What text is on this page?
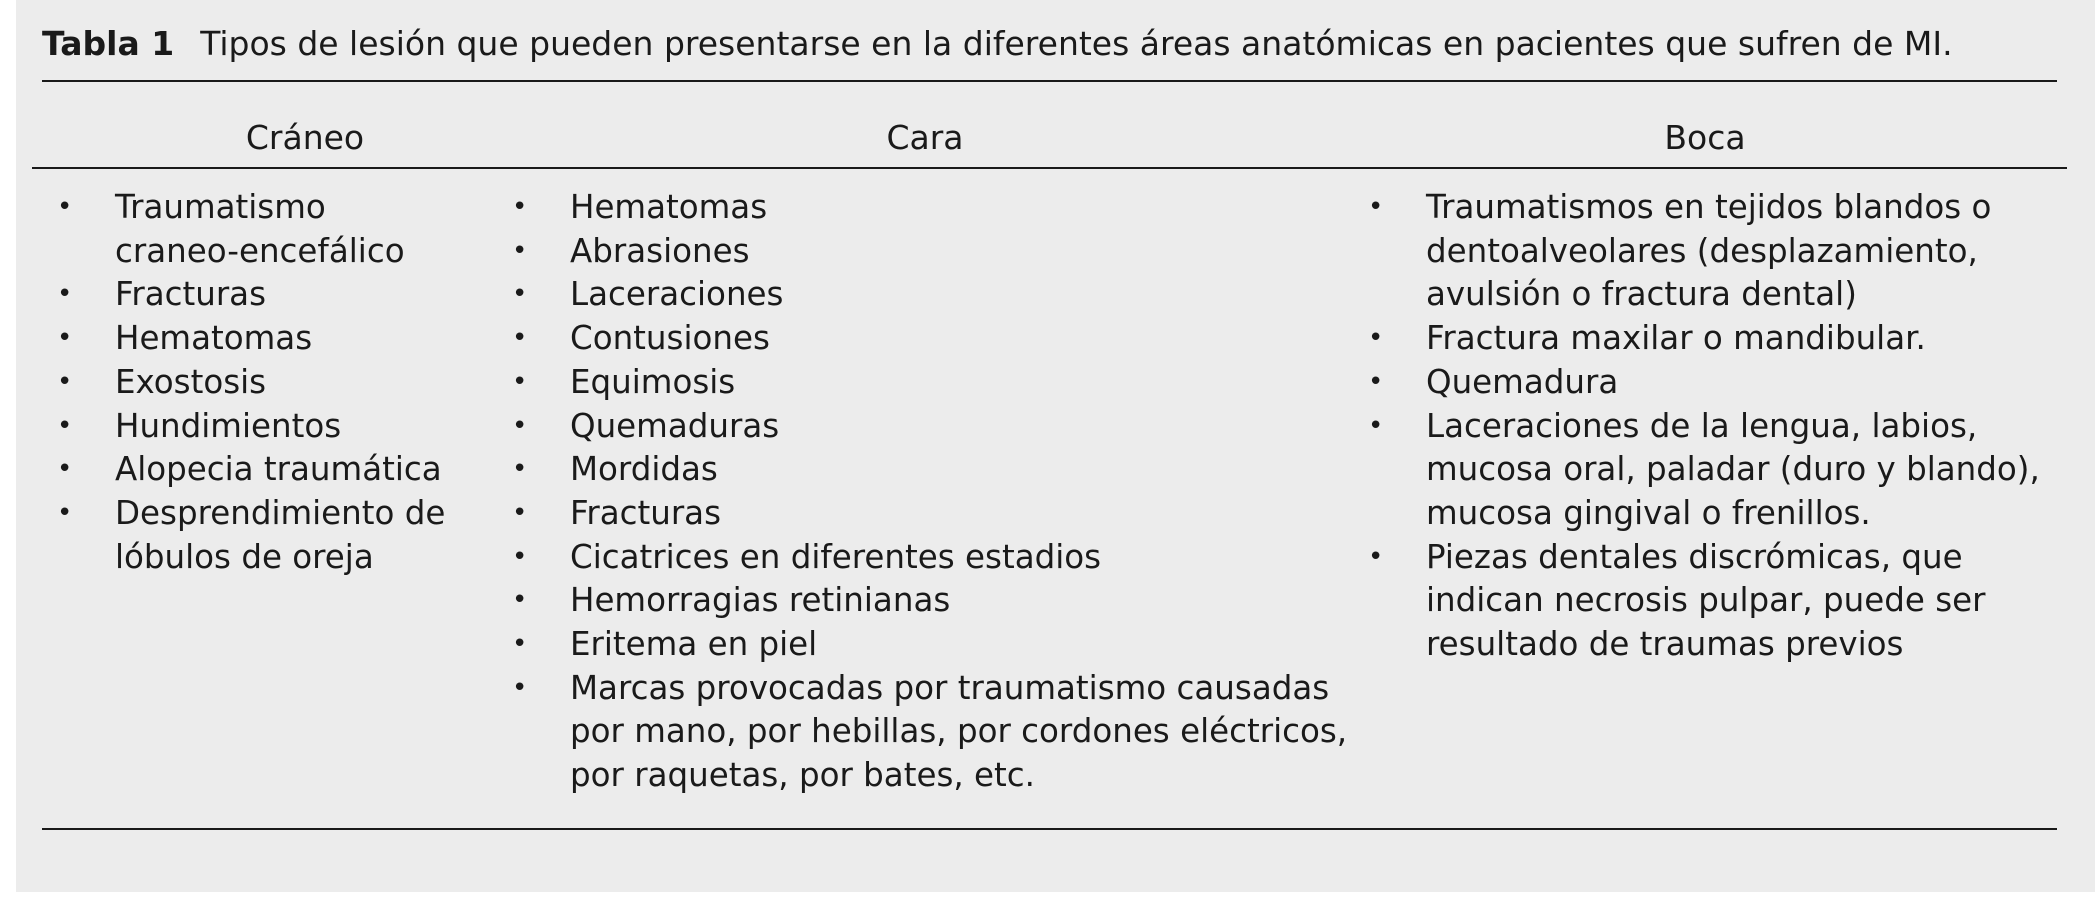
Tabla 1 Tipos de lesión que pueden presentarse en la diferentes áreas anatómicas en pacientes que sufren de MI.
Cráneo	Cara	Boca
• Traumatismo craneo-encefálico
• Fracturas
• Hematomas
• Exostosis
• Hundimientos
• Alopecia traumática
• Desprendimiento de lóbulos de oreja
• Hematomas
• Abrasiones
• Laceraciones
• Contusiones
• Equimosis
• Quemaduras
• Mordidas
• Fracturas
• Cicatrices en diferentes estadios
• Hemorragias retinianas
• Eritema en piel
• Marcas provocadas por traumatismo causadas por mano, por hebillas, por cordones eléctricos, por raquetas, por bates, etc.
• Traumatismos en tejidos blandos o dentoalveolares (desplazamiento, avulsión o fractura dental)
• Fractura maxilar o mandibular.
• Quemadura
• Laceraciones de la lengua, labios, mucosa oral, paladar (duro y blando), mucosa gingival o frenillos.
• Piezas dentales discrómicas, que indican necrosis pulpar, puede ser resultado de traumas previos
